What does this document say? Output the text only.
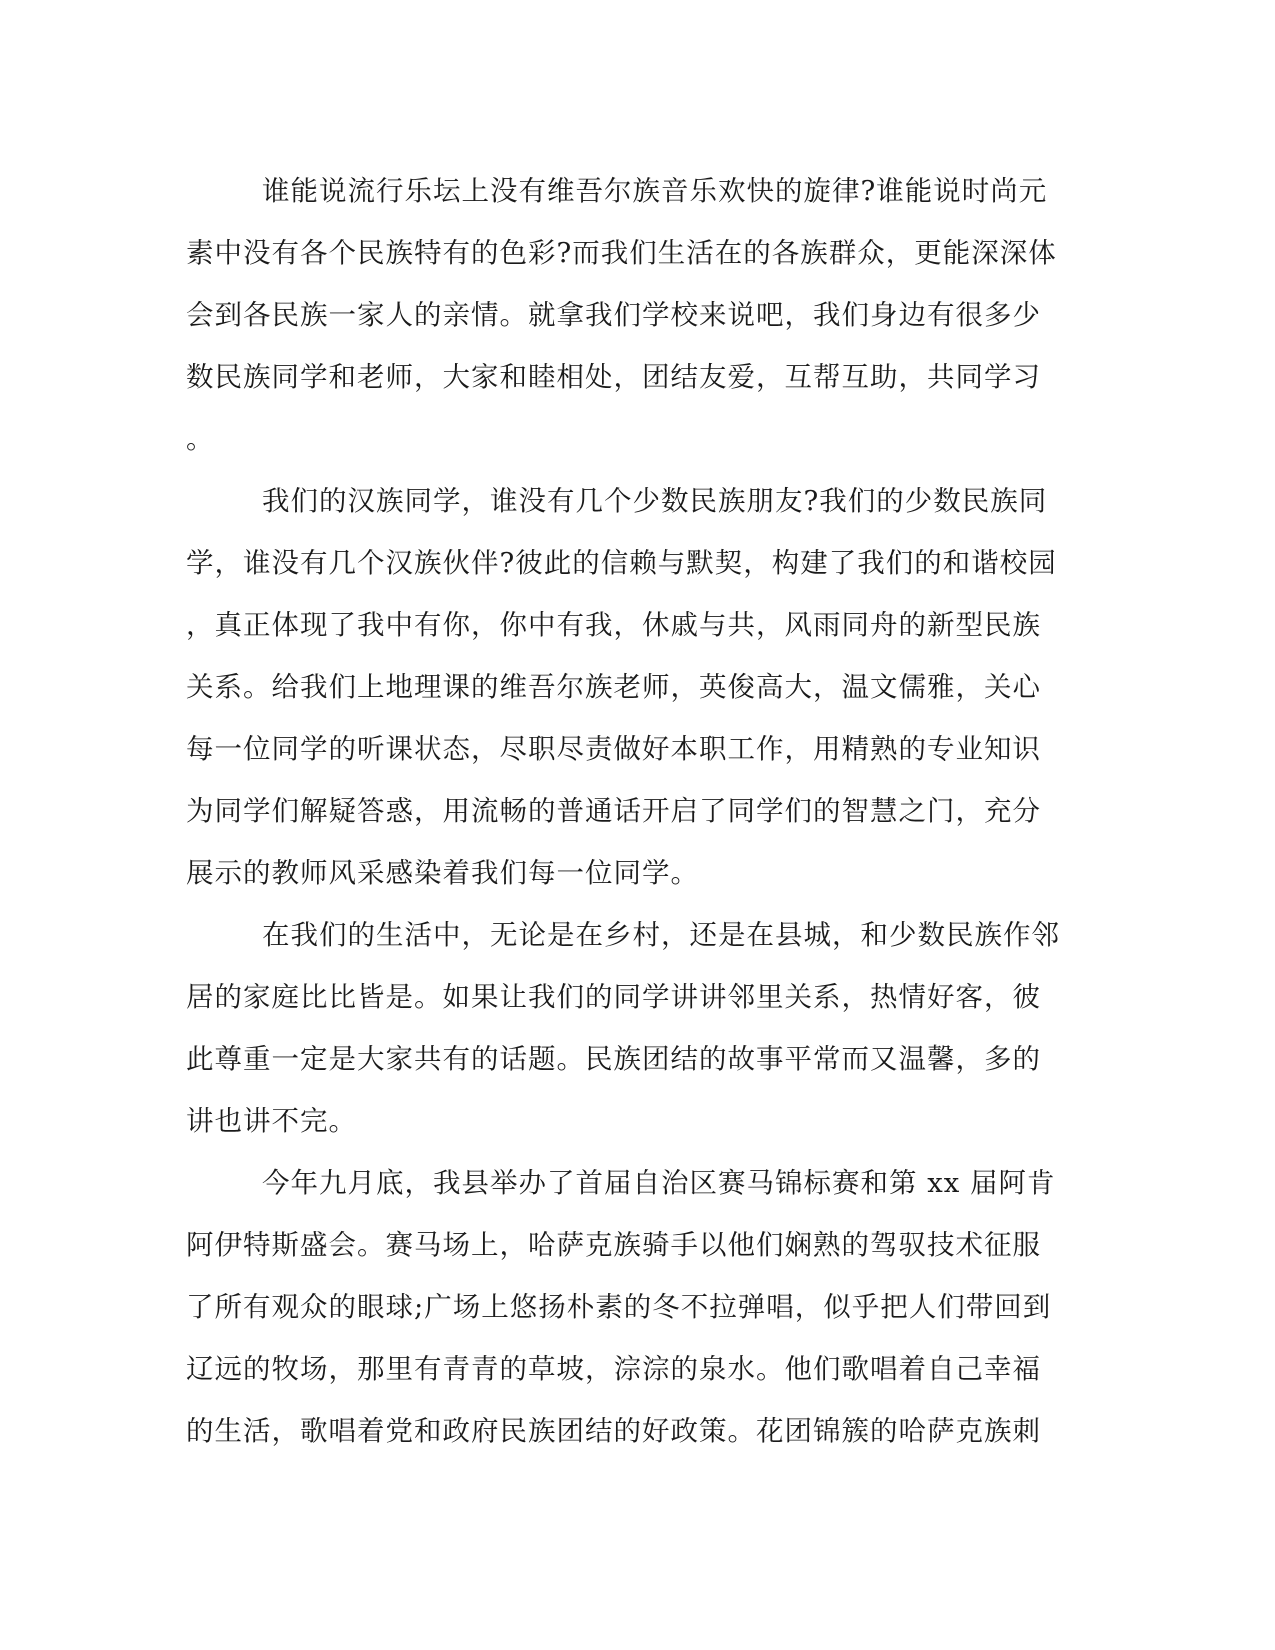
谁能说流行乐坛上没有维吾尔族音乐欢快的旋律?谁能说时尚元
素中没有各个民族特有的色彩?而我们生活在的各族群众，更能深深体
会到各民族一家人的亲情。就拿我们学校来说吧，我们身边有很多少
数民族同学和老师，大家和睦相处，团结友爱，互帮互助，共同学习
。
我们的汉族同学，谁没有几个少数民族朋友?我们的少数民族同
学，谁没有几个汉族伙伴?彼此的信赖与默契，构建了我们的和谐校园
，真正体现了我中有你，你中有我，休戚与共，风雨同舟的新型民族
关系。给我们上地理课的维吾尔族老师，英俊高大，温文儒雅，关心
每一位同学的听课状态，尽职尽责做好本职工作，用精熟的专业知识
为同学们解疑答惑，用流畅的普通话开启了同学们的智慧之门，充分
展示的教师风采感染着我们每一位同学。
在我们的生活中，无论是在乡村，还是在县城，和少数民族作邻
居的家庭比比皆是。如果让我们的同学讲讲邻里关系，热情好客，彼
此尊重一定是大家共有的话题。民族团结的故事平常而又温馨，多的
讲也讲不完。
今年九月底，我县举办了首届自治区赛马锦标赛和第 xx 届阿肯
阿伊特斯盛会。赛马场上，哈萨克族骑手以他们娴熟的驾驭技术征服
了所有观众的眼球;广场上悠扬朴素的冬不拉弹唱，似乎把人们带回到
辽远的牧场，那里有青青的草坡，淙淙的泉水。他们歌唱着自己幸福
的生活，歌唱着党和政府民族团结的好政策。花团锦簇的哈萨克族刺
